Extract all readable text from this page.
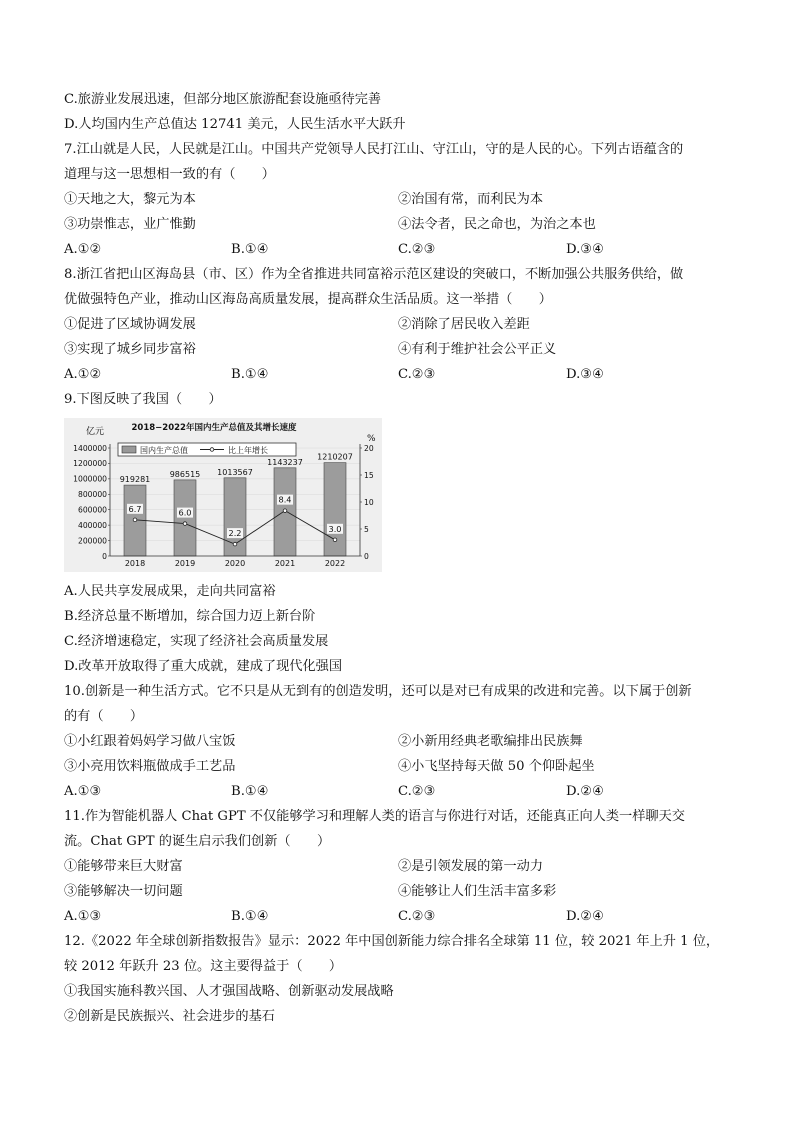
C.旅游业发展迅速，但部分地区旅游配套设施亟待完善
D.人均国内生产总值达 12741 美元，人民生活水平大跃升
7.江山就是人民，人民就是江山。中国共产党领导人民打江山、守江山，守的是人民的心。下列古语蕴含的
道理与这一思想相一致的有（　　）
①天地之大，黎元为本	②治国有常，而利民为本
③功崇惟志，业广惟勤	④法令者，民之命也，为治之本也
A.①②	B.①④	C.②③	D.③④
8.浙江省把山区海岛县（市、区）作为全省推进共同富裕示范区建设的突破口，不断加强公共服务供给，做
优做强特色产业，推动山区海岛高质量发展，提高群众生活品质。这一举措（　　）
①促进了区域协调发展	②消除了居民收入差距
③实现了城乡同步富裕	④有利于维护社会公平正义
A.①②	B.①④	C.②③	D.③④
9.下图反映了我国（　　）
2018−2022年国内生产总值及其增长速度
亿元
%
919281
986515 1013567
1143237
1210207
6.7	6.0
2.2
8.4
3.0
1400000
1200000
1000000
800000
600000
400000
200000
0
20
15
10
5
0
2018	2019	2020	2021	2022
国内生产总值	比上年增长
A.人民共享发展成果，走向共同富裕
B.经济总量不断增加，综合国力迈上新台阶
C.经济增速稳定，实现了经济社会高质量发展
D.改革开放取得了重大成就，建成了现代化强国
10.创新是一种生活方式。它不只是从无到有的创造发明，还可以是对已有成果的改进和完善。以下属于创新
的有（　　）
①小红跟着妈妈学习做八宝饭	②小新用经典老歌编排出民族舞
③小亮用饮料瓶做成手工艺品	④小飞坚持每天做 50 个仰卧起坐
A.①③	B.①④	C.②③	D.②④
11.作为智能机器人 Chat GPT 不仅能够学习和理解人类的语言与你进行对话，还能真正向人类一样聊天交
流。Chat GPT 的诞生启示我们创新（　　）
①能够带来巨大财富	②是引领发展的第一动力
③能够解决一切问题	④能够让人们生活丰富多彩
A.①③	B.①④	C.②③	D.②④
12.《2022 年全球创新指数报告》显示：2022 年中国创新能力综合排名全球第 11 位，较 2021 年上升 1 位，
较 2012 年跃升 23 位。这主要得益于（　　）
①我国实施科教兴国、人才强国战略、创新驱动发展战略
②创新是民族振兴、社会进步的基石
